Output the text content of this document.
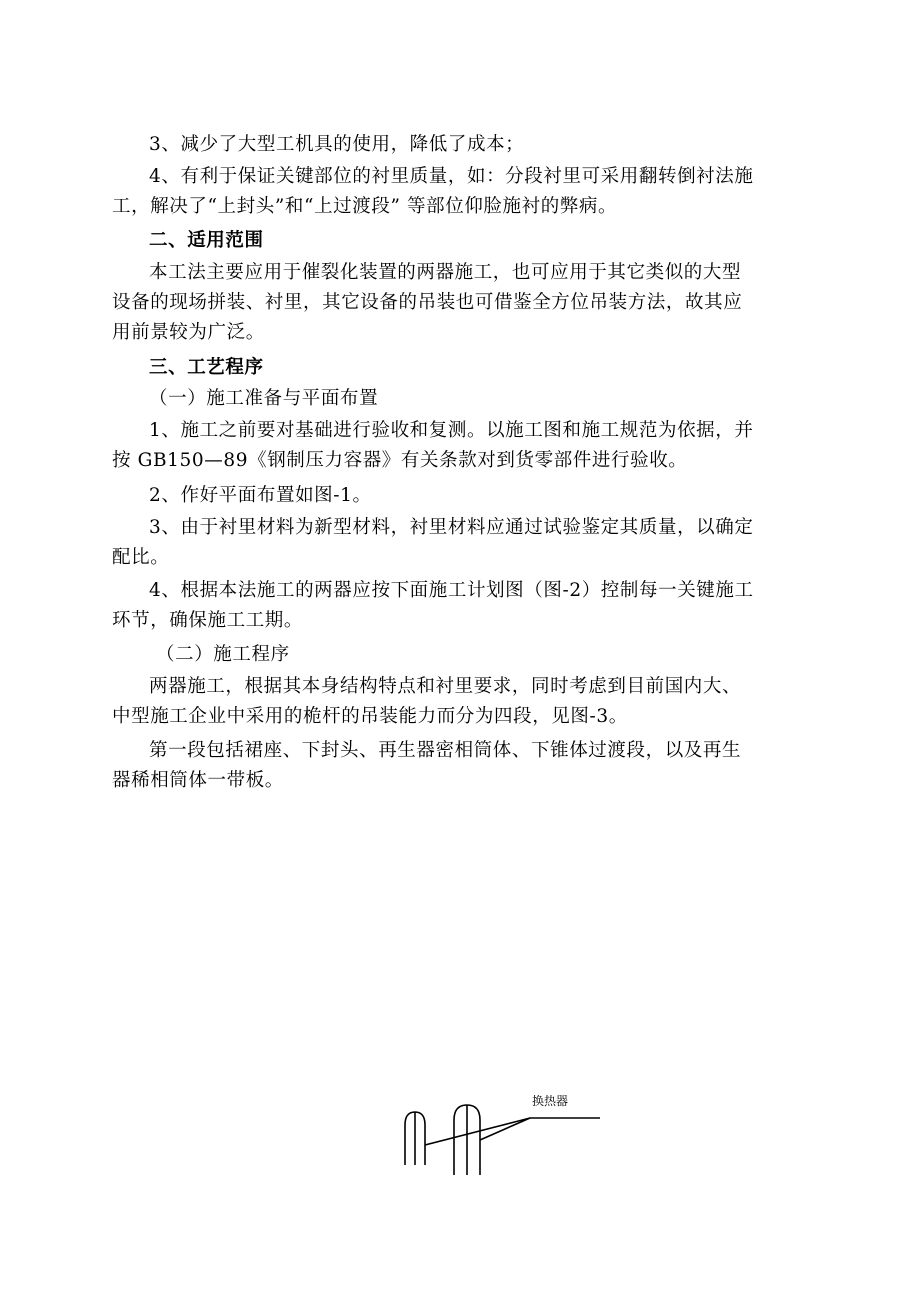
3、减少了大型工机具的使用，降低了成本；

4、有利于保证关键部位的衬里质量，如：分段衬里可采用翻转倒衬法施
工，解决了“上封头”和“上过渡段” 等部位仰脸施衬的弊病。

二、适用范围

本工法主要应用于催裂化装置的两器施工，也可应用于其它类似的大型
设备的现场拼装、衬里，其它设备的吊装也可借鉴全方位吊装方法，故其应
用前景较为广泛。

三、工艺程序

（一）施工准备与平面布置

1、施工之前要对基础进行验收和复测。以施工图和施工规范为依据，并
按 GB150—89《钢制压力容器》有关条款对到货零部件进行验收。

2、作好平面布置如图-1。

3、由于衬里材料为新型材料，衬里材料应通过试验鉴定其质量，以确定
配比。

4、根据本法施工的两器应按下面施工计划图（图-2）控制每一关键施工
环节，确保施工工期。

（二）施工程序

两器施工，根据其本身结构特点和衬里要求，同时考虑到目前国内大、
中型施工企业中采用的桅杆的吊装能力而分为四段，见图-3。

第一段包括裙座、下封头、再生器密相筒体、下锥体过渡段，以及再生
器稀相筒体一带板。

换热器
